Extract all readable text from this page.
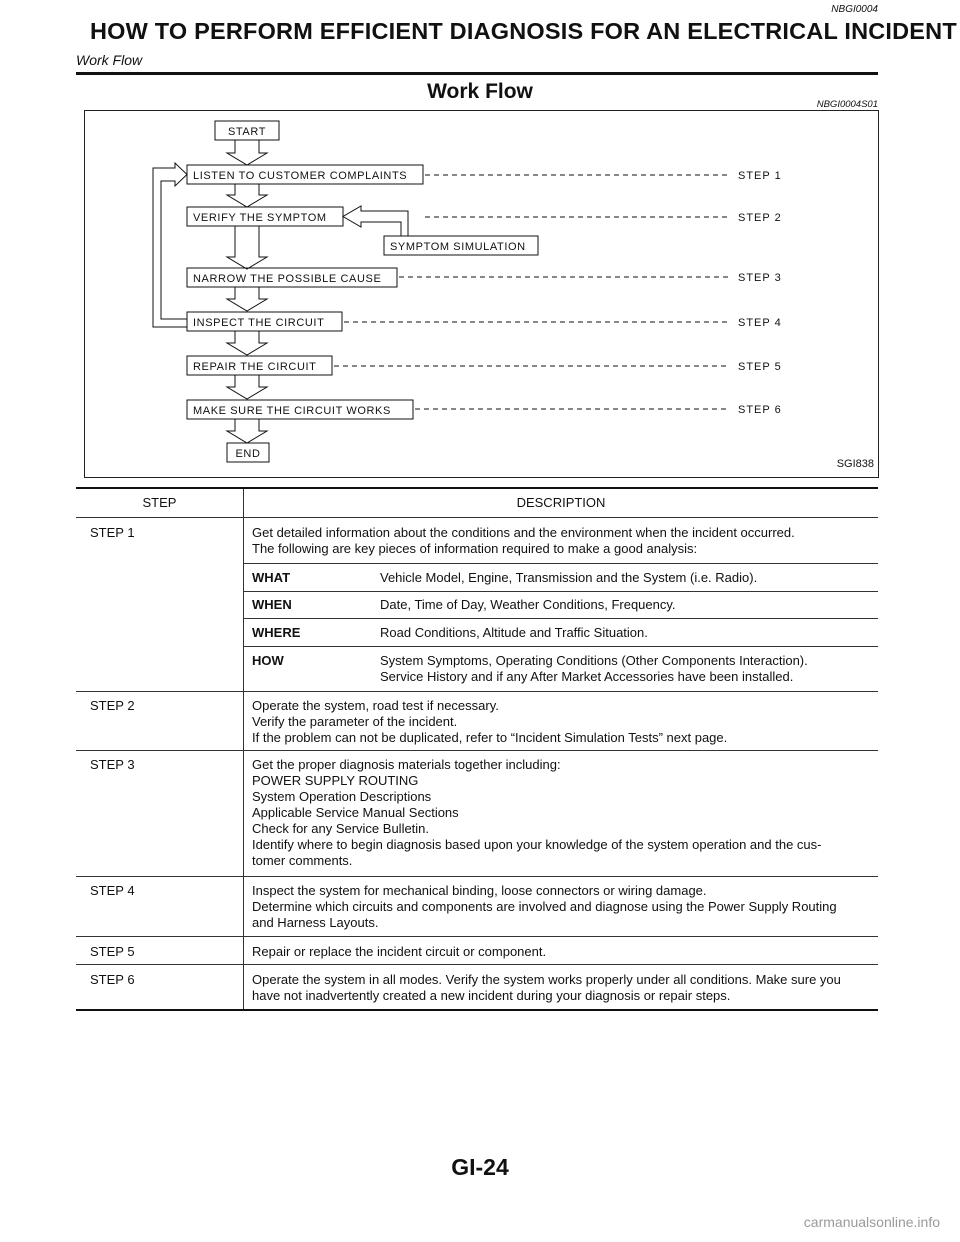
NBGI0004
HOW TO PERFORM EFFICIENT DIAGNOSIS FOR AN ELECTRICAL INCIDENT
Work Flow
Work Flow
NBGI0004S01
START
LISTEN TO CUSTOMER COMPLAINTS
VERIFY THE SYMPTOM
SYMPTOM SIMULATION
NARROW THE POSSIBLE CAUSE
INSPECT THE CIRCUIT
REPAIR THE CIRCUIT
MAKE SURE THE CIRCUIT WORKS
END
STEP 1
STEP 2
STEP 3
STEP 4
STEP 5
STEP 6
SGI838
STEP	DESCRIPTION
STEP 1	Get detailed information about the conditions and the environment when the incident occurred.
The following are key pieces of information required to make a good analysis:
WHAT	Vehicle Model, Engine, Transmission and the System (i.e. Radio).
WHEN	Date, Time of Day, Weather Conditions, Frequency.
WHERE	Road Conditions, Altitude and Traffic Situation.
HOW	System Symptoms, Operating Conditions (Other Components Interaction).
Service History and if any After Market Accessories have been installed.
STEP 2	Operate the system, road test if necessary.
Verify the parameter of the incident.
If the problem can not be duplicated, refer to “Incident Simulation Tests” next page.
STEP 3	Get the proper diagnosis materials together including:
POWER SUPPLY ROUTING
System Operation Descriptions
Applicable Service Manual Sections
Check for any Service Bulletin.
Identify where to begin diagnosis based upon your knowledge of the system operation and the cus-
tomer comments.
STEP 4	Inspect the system for mechanical binding, loose connectors or wiring damage.
Determine which circuits and components are involved and diagnose using the Power Supply Routing
and Harness Layouts.
STEP 5	Repair or replace the incident circuit or component.
STEP 6	Operate the system in all modes. Verify the system works properly under all conditions. Make sure you
have not inadvertently created a new incident during your diagnosis or repair steps.
GI-24
carmanualsonline.info
